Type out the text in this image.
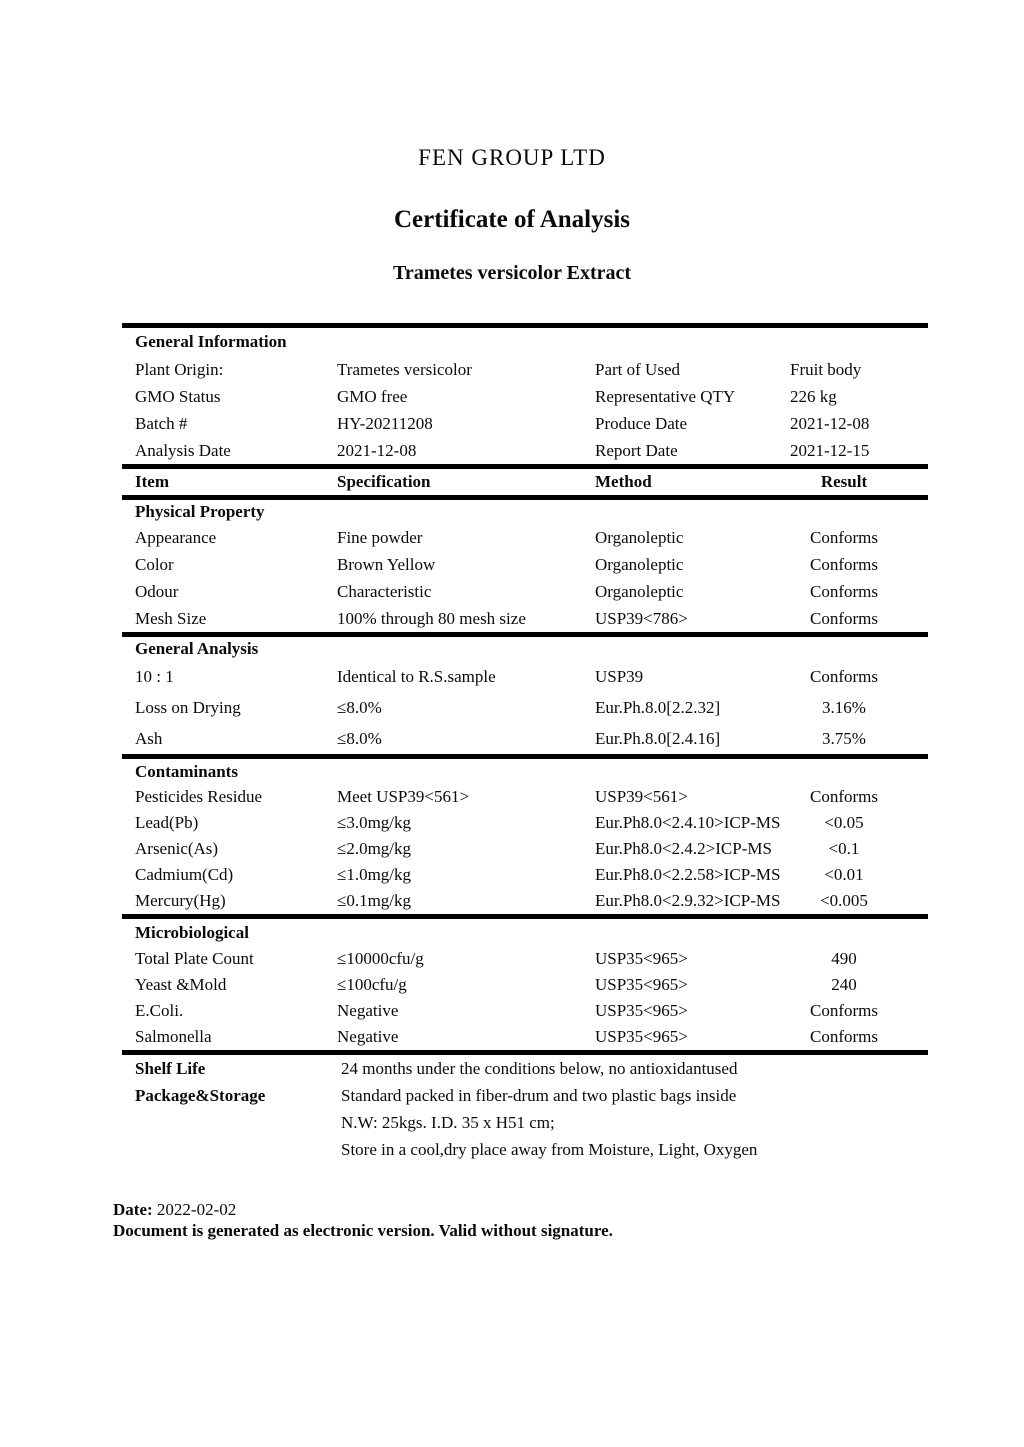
FEN GROUP LTD
Certificate of Analysis
Trametes versicolor Extract
General Information
Plant Origin:	Trametes versicolor	Part of Used	Fruit body
GMO Status	GMO free	Representative QTY	226 kg
Batch #	HY-20211208	Produce Date	2021-12-08
Analysis Date	2021-12-08	Report Date	2021-12-15
Item	Specification	Method	Result
Physical Property
Appearance	Fine powder	Organoleptic	Conforms
Color	Brown Yellow	Organoleptic	Conforms
Odour	Characteristic	Organoleptic	Conforms
Mesh Size	100% through 80 mesh size	USP39<786>	Conforms
General Analysis
10 : 1	Identical to R.S.sample	USP39	Conforms
Loss on Drying	≤8.0%	Eur.Ph.8.0[2.2.32]	3.16%
Ash	≤8.0%	Eur.Ph.8.0[2.4.16]	3.75%
Contaminants
Pesticides Residue	Meet USP39<561>	USP39<561>	Conforms
Lead(Pb)	≤3.0mg/kg	Eur.Ph8.0<2.4.10>ICP-MS	<0.05
Arsenic(As)	≤2.0mg/kg	Eur.Ph8.0<2.4.2>ICP-MS	<0.1
Cadmium(Cd)	≤1.0mg/kg	Eur.Ph8.0<2.2.58>ICP-MS	<0.01
Mercury(Hg)	≤0.1mg/kg	Eur.Ph8.0<2.9.32>ICP-MS	<0.005
Microbiological
Total Plate Count	≤10000cfu/g	USP35<965>	490
Yeast &Mold	≤100cfu/g	USP35<965>	240
E.Coli.	Negative	USP35<965>	Conforms
Salmonella	Negative	USP35<965>	Conforms
Shelf Life	24 months under the conditions below, no antioxidantused
Package&Storage	Standard packed in fiber-drum and two plastic bags inside
N.W: 25kgs. I.D. 35 x H51 cm;
Store in a cool,dry place away from Moisture, Light, Oxygen
Date: 2022-02-02
Document is generated as electronic version. Valid without signature.
